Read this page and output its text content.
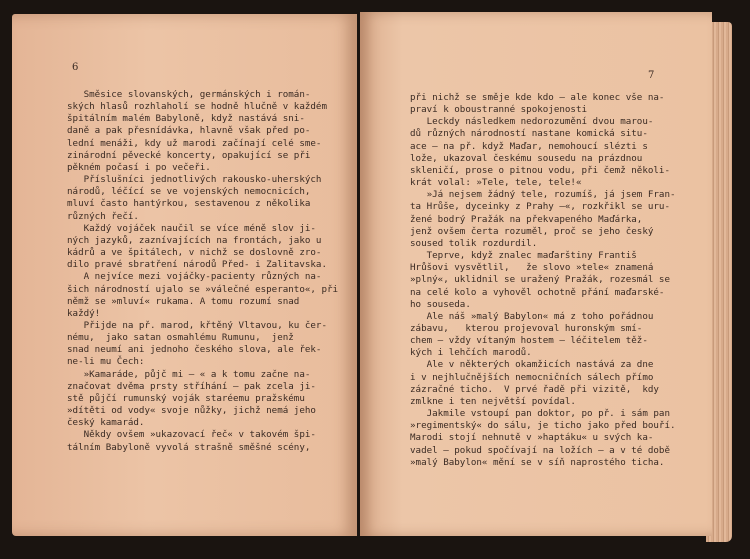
6
Směsice slovanských, germánských i román-
ských hlasů rozhlaholí se hodně hlučně v každém
špitálním malém Babyloně, když nastává sni-
daně a pak přesnídávka, hlavně však před po-
lední menáži, kdy už marodi začínají celé sme-
zinárodní pěvecké koncerty, opakující se při
pěkném počasí i po večeři.
Příslušníci jednotlivých rakousko-uherských
národů, léčící se ve vojenských nemocnicích,
mluví často hantýrkou, sestavenou z několika
různých řečí.
Každý vojáček naučil se více méně slov ji-
ných jazyků, zaznívajících na frontách, jako u
kádrů a ve špitálech, v nichž se doslovně zro-
dilo pravé sbratření národů Před- i Zalitavska.
A nejvíce mezi vojáčky-pacienty různých na-
šich národností ujalo se »válečné esperanto«, při
němž se »mluví« rukama. A tomu rozumí snad
každý!
Přijde na př. marod, křtěný Vltavou, ku čer-
nému,  jako satan osmahlému Rumunu,  jenž
snad neumí ani jednoho českého slova, ale řek-
ne-li mu Čech:
»Kamaráde, půjč mi — « a k tomu začne na-
značovat dvěma prsty stříhání — pak zcela ji-
stě půjčí rumunský voják staréemu pražskému
»dítěti od vody« svoje nůžky, jichž nemá jeho
český kamarád.
Někdy ovšem »ukazovací řeč« v takovém špi-
tálním Babyloně vyvolá strašně směšné scény,

7
při nichž se směje kde kdo — ale konec vše na-
praví k oboustranné spokojenosti
Leckdy následkem nedorozumění dvou marou-
dů různých národností nastane komická situ-
ace — na př. když Maďar, nemohoucí slézti s
lože, ukazoval českému sousedu na prázdnou
skleničí, prose o pitnou vodu, při čemž několi-
krát volal: »Tele, tele, tele!«
»Já nejsem žádný tele, rozumíš, já jsem Fran-
ta Hrůše, dyceinky z Prahy —«, rozkřikl se uru-
žené bodrý Pražák na překvapeného Maďárka,
jenž ovšem čerta rozuměl, proč se jeho český
soused tolik rozdurdil.
Teprve, když znalec maďarštiny Františ
Hrůšovi vysvětlil,   že slovo »tele« znamená
»plný«, uklidnil se uražený Pražák, rozesmál se
na celé kolo a vyhověl ochotně přání maďarské-
ho souseda.
Ale náš »malý Babylon« má z toho pořádnou
zábavu,   kterou projevoval huronským smí-
chem — vždy vítaným hostem — léčitelem těž-
kých i lehčích marodů.
Ale v některých okamžicích nastává za dne
i v nejhlučnějších nemocničních sálech přímo
zázračné ticho.  V prvé řadě při vizitě,  kdy
zmlkne i ten největší povídal.
Jakmile vstoupí pan doktor, po př. i sám pan
»regimentský« do sálu, je ticho jako před bouří.
Marodi stojí nehnutě v »haptáku« u svých ka-
vadel — pokud spočívají na ložích — a v té době
»malý Babylon« mění se v síň naprostého ticha.
